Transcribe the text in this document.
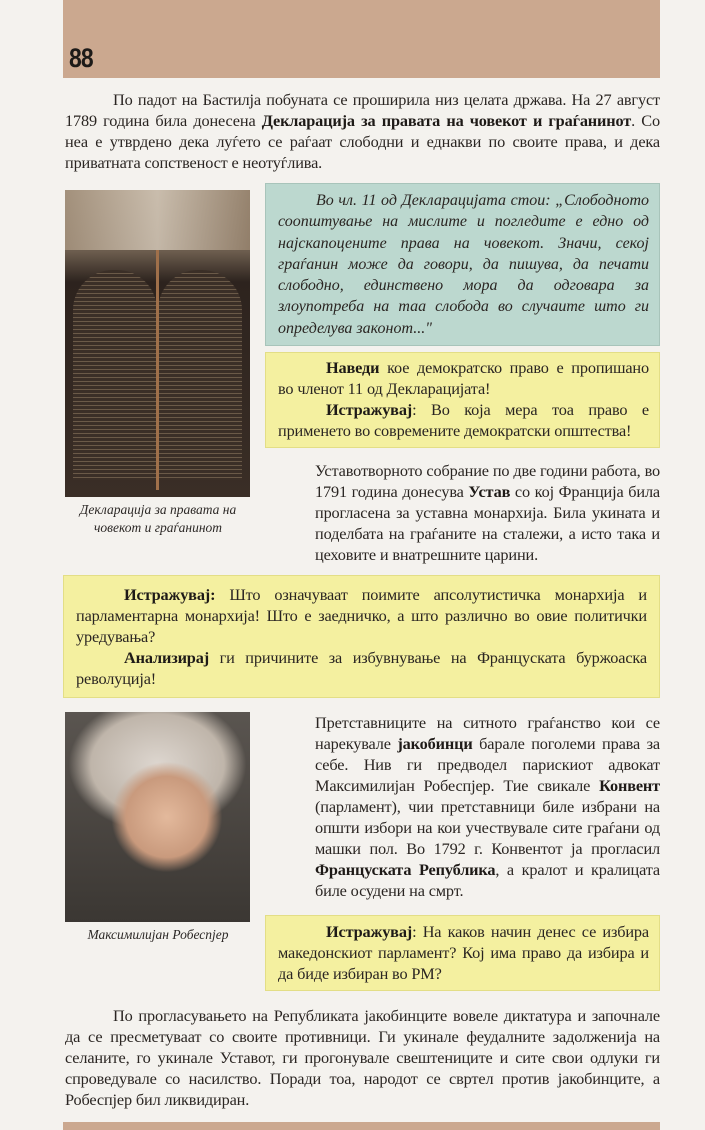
88
По падот на Бастилја побуната се проширила низ целата држава. На 27 август 1789 година била донесена Декларација за правата на човекот и граѓанинот. Со неа е утврдено дека луѓето се раѓаат слободни и еднакви по своите права, и дека приватната сопственост е неотуѓлива.
Декларација за правата на човекот и граѓанинот
Во чл. 11 од Декларацијата стои: „Слободното соопштување на мислите и погледите е едно од најскапоцените права на човекот. Значи, секој граѓанин може да говори, да пишува, да печати слободно, единствено мора да одговара за злоупотреба на таа слобода во случаите што ги определува законот..."
Наведи кое демократско право е пропишано во членот 11 од Декларацијата!
Истражувај: Во која мера тоа право е применето во современите демократски општества!
Уставотворното собрание по две години работа, во 1791 година донесува Устав со кој Франција била прогласена за уставна монархија. Била укината и поделбата на граѓаните на сталежи, а исто така и цеховите и внатрешните царини.
Истражувај: Што означуваат поимите апсолутистичка монархија и парламентарна монархија! Што е заедничко, а што различно во овие политички уредувања?
Анализирај ги причините за избувнување на Француската буржоаска револуција!
Максимилијан Робеспјер
Претставниците на ситното граѓанство кои се нарекувале јакобинци барале поголеми права за себе. Нив ги предводел парискиот адвокат Максимилијан Робеспјер. Тие свикале Конвент (парламент), чии претставници биле избрани на општи избори на кои учествувале сите граѓани од машки пол. Во 1792 г. Конвентот ја прогласил Француската Република, а кралот и кралицата биле осудени на смрт.
Истражувај: На каков начин денес се избира македонскиот парламент? Кој има право да избира и да биде избиран во РМ?
По прогласувањето на Републиката јакобинците вовеле диктатура и започнале да се пресметуваат со своите противници. Ги укинале феудалните задолженија на селаните, го укинале Уставот, ги прогонувале свештениците и сите свои одлуки ги спроведувале со насилство. Поради тоа, народот се свртел против јакобинците, а Робеспјер бил ликвидиран.
